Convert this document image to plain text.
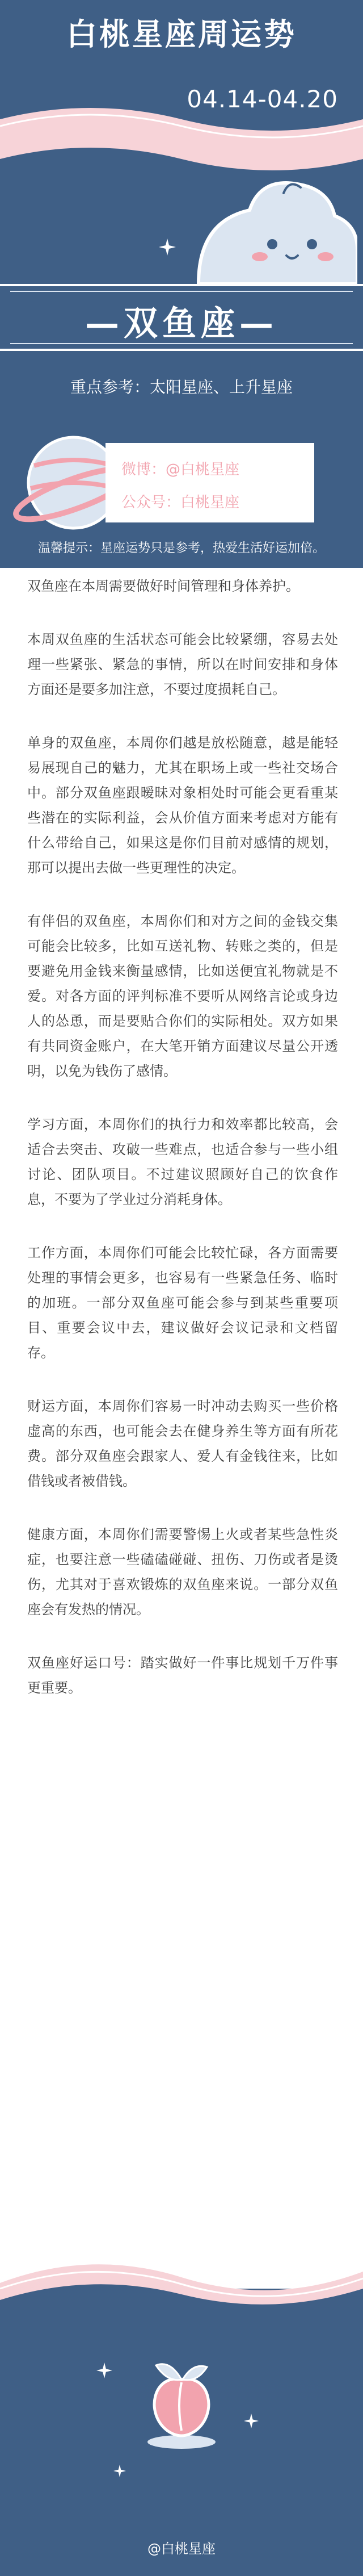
白桃星座周运势
04.14-04.20
—双鱼座—
重点参考：太阳星座、上升星座
微博：@白桃星座
公众号：白桃星座
温馨提示：星座运势只是参考，热爱生活好运加倍。

双鱼座在本周需要做好时间管理和身体养护。

本周双鱼座的生活状态可能会比较紧绷，容易去处理一些紧张、紧急的事情，所以在时间安排和身体方面还是要多加注意，不要过度损耗自己。

单身的双鱼座，本周你们越是放松随意，越是能轻易展现自己的魅力，尤其在职场上或一些社交场合中。部分双鱼座跟暧昧对象相处时可能会更看重某些潜在的实际利益，会从价值方面来考虑对方能有什么带给自己，如果这是你们目前对感情的规划，那可以提出去做一些更理性的决定。

有伴侣的双鱼座，本周你们和对方之间的金钱交集可能会比较多，比如互送礼物、转账之类的，但是要避免用金钱来衡量感情，比如送便宜礼物就是不爱。对各方面的评判标准不要听从网络言论或身边人的怂恿，而是要贴合你们的实际相处。双方如果有共同资金账户，在大笔开销方面建议尽量公开透明，以免为钱伤了感情。

学习方面，本周你们的执行力和效率都比较高，会适合去突击、攻破一些难点，也适合参与一些小组讨论、团队项目。不过建议照顾好自己的饮食作息，不要为了学业过分消耗身体。

工作方面，本周你们可能会比较忙碌，各方面需要处理的事情会更多，也容易有一些紧急任务、临时的加班。一部分双鱼座可能会参与到某些重要项目、重要会议中去，建议做好会议记录和文档留存。

财运方面，本周你们容易一时冲动去购买一些价格虚高的东西，也可能会去在健身养生等方面有所花费。部分双鱼座会跟家人、爱人有金钱往来，比如借钱或者被借钱。

健康方面，本周你们需要警惕上火或者某些急性炎症，也要注意一些磕磕碰碰、扭伤、刀伤或者是烫伤，尤其对于喜欢锻炼的双鱼座来说。一部分双鱼座会有发热的情况。

双鱼座好运口号：踏实做好一件事比规划千万件事更重要。

@白桃星座
